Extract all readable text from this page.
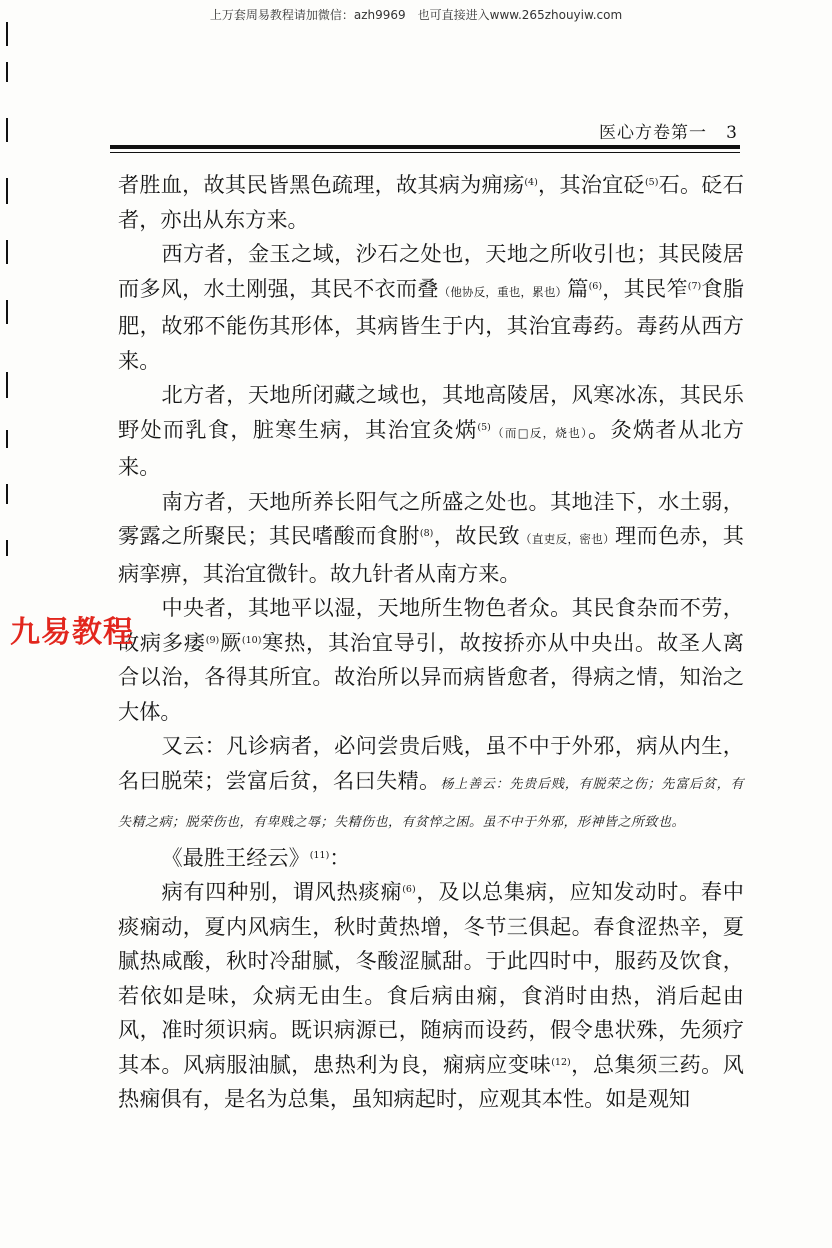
上万套周易教程请加微信：azh9969　也可直接进入www.265zhouyiw.com
医心方卷第一 3

者胜血，故其民皆黑色疏理，故其病为痈疡$^{(4)}$，其治宜砭$^{(5)}$石。砭石者，亦出从东方来。

西方者，金玉之域，沙石之处也，天地之所收引也；其民陵居而多风，水土刚强，其民不衣而叠（他协反，重也，累也）篇$^{(6)}$，其民笮$^{(7)}$食脂肥，故邪不能伤其形体，其病皆生于内，其治宜毒药。毒药从西方来。

北方者，天地所闭藏之域也，其地高陵居，风寒冰冻，其民乐野处而乳食，脏寒生病，其治宜灸焫$^{(5)}$（而□反，烧也）。灸焫者从北方来。

南方者，天地所养长阳气之所盛之处也。其地洼下，水土弱，雾露之所聚民；其民嗜酸而食胕$^{(8)}$，故民致（直吏反，密也）理而色赤，其病挛痹，其治宜微针。故九针者从南方来。

中央者，其地平以湿，天地所生物色者众。其民食杂而不劳，故病多痿$^{(9)}$厥$^{(10)}$寒热，其治宜导引，故按挢亦从中央出。故圣人离合以治，各得其所宜。故治所以异而病皆愈者，得病之情，知治之大体。

又云：凡诊病者，必问尝贵后贱，虽不中于外邪，病从内生，名曰脱荣；尝富后贫，名曰失精。杨上善云：先贵后贱，有脱荣之伤；先富后贫，有失精之病；脱荣伤也，有卑贱之辱；失精伤也，有贫悴之困。虽不中于外邪，形神皆之所致也。

《最胜王经云》$^{(11)}$：

病有四种别，谓风热痰痫$^{(6)}$，及以总集病，应知发动时。春中痰痫动，夏内风病生，秋时黄热增，冬节三俱起。春食涩热辛，夏腻热咸酸，秋时冷甜腻，冬酸涩腻甜。于此四时中，服药及饮食，若依如是味，众病无由生。食后病由痫，食消时由热，消后起由风，准时须识病。既识病源已，随病而设药，假令患状殊，先须疗其本。风病服油腻，患热利为良，痫病应变味$^{(12)}$，总集须三药。风热痫俱有，是名为总集，虽知病起时，应观其本性。如是观知

九易教程
